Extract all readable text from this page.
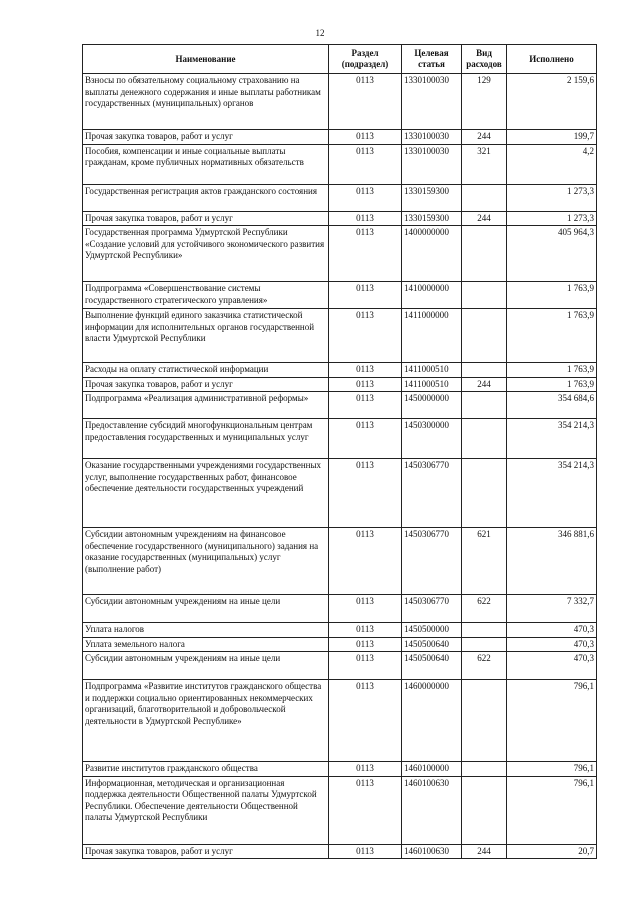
12
Наименование	Раздел (подраздел)	Целевая статья	Вид расходов	Исполнено
Взносы по обязательному социальному страхованию на выплаты денежного содержания и иные выплаты работникам государственных (муниципальных) органов	0113	1330100030	129	2 159,6
Прочая закупка товаров, работ и услуг	0113	1330100030	244	199,7
Пособия, компенсации и иные социальные выплаты гражданам, кроме публичных нормативных обязательств	0113	1330100030	321	4,2
Государственная регистрация актов гражданского состояния	0113	1330159300		1 273,3
Прочая закупка товаров, работ и услуг	0113	1330159300	244	1 273,3
Государственная программа Удмуртской Республики «Создание условий для устойчивого экономического развития Удмуртской Республики»	0113	1400000000		405 964,3
Подпрограмма «Совершенствование системы государственного стратегического управления»	0113	1410000000		1 763,9
Выполнение функций единого заказчика статистической информации для исполнительных органов государственной власти Удмуртской Республики	0113	1411000000		1 763,9
Расходы на оплату статистической информации	0113	1411000510		1 763,9
Прочая закупка товаров, работ и услуг	0113	1411000510	244	1 763,9
Подпрограмма «Реализация административной реформы»	0113	1450000000		354 684,6
Предоставление субсидий многофункциональным центрам предоставления государственных и муниципальных услуг	0113	1450300000		354 214,3
Оказание государственными учреждениями государственных услуг, выполнение государственных работ, финансовое обеспечение деятельности государственных учреждений	0113	1450306770		354 214,3
Субсидии автономным учреждениям на финансовое обеспечение государственного (муниципального) задания на оказание государственных (муниципальных) услуг (выполнение работ)	0113	1450306770	621	346 881,6
Субсидии автономным учреждениям на иные цели	0113	1450306770	622	7 332,7
Уплата налогов	0113	1450500000		470,3
Уплата земельного налога	0113	1450500640		470,3
Субсидии автономным учреждениям на иные цели	0113	1450500640	622	470,3
Подпрограмма «Развитие институтов гражданского общества и поддержки социально ориентированных некоммерческих организаций, благотворительной и добровольческой деятельности в Удмуртской Республике»	0113	1460000000		796,1
Развитие институтов гражданского общества	0113	1460100000		796,1
Информационная, методическая и организационная поддержка деятельности Общественной палаты Удмуртской Республики. Обеспечение деятельности Общественной палаты Удмуртской Республики	0113	1460100630		796,1
Прочая закупка товаров, работ и услуг	0113	1460100630	244	20,7
